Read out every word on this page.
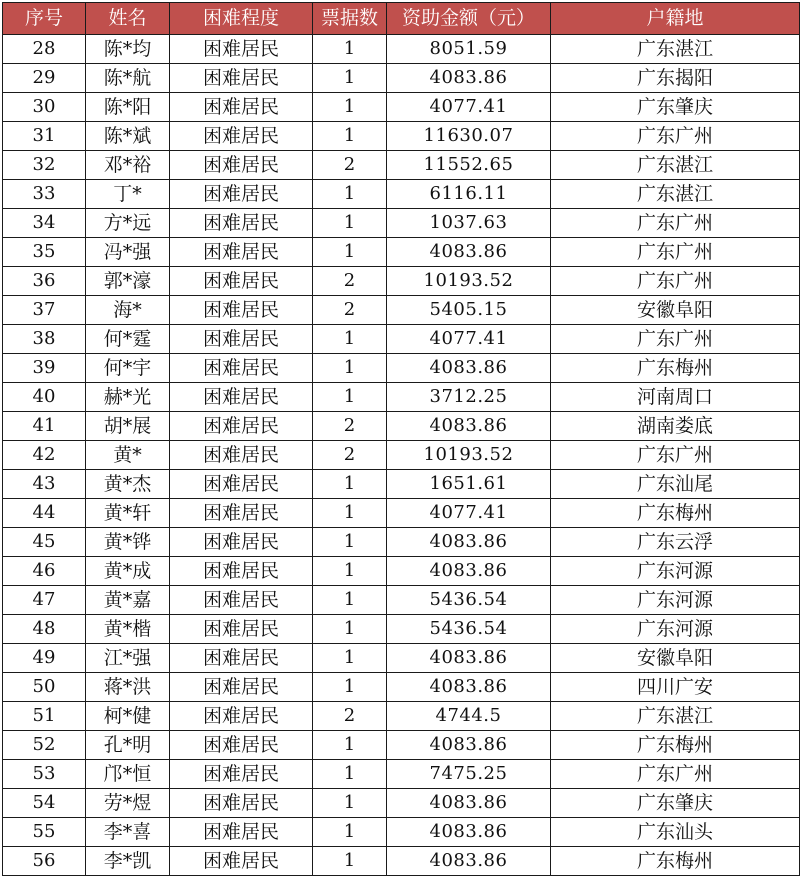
序号	姓名	困难程度	票据数	资助金额（元）	户籍地
28	陈*均	困难居民	1	8051.59	广东湛江
29	陈*航	困难居民	1	4083.86	广东揭阳
30	陈*阳	困难居民	1	4077.41	广东肇庆
31	陈*斌	困难居民	1	11630.07	广东广州
32	邓*裕	困难居民	2	11552.65	广东湛江
33	丁*	困难居民	1	6116.11	广东湛江
34	方*远	困难居民	1	1037.63	广东广州
35	冯*强	困难居民	1	4083.86	广东广州
36	郭*濠	困难居民	2	10193.52	广东广州
37	海*	困难居民	2	5405.15	安徽阜阳
38	何*霆	困难居民	1	4077.41	广东广州
39	何*宇	困难居民	1	4083.86	广东梅州
40	赫*光	困难居民	1	3712.25	河南周口
41	胡*展	困难居民	2	4083.86	湖南娄底
42	黄*	困难居民	2	10193.52	广东广州
43	黄*杰	困难居民	1	1651.61	广东汕尾
44	黄*轩	困难居民	1	4077.41	广东梅州
45	黄*铧	困难居民	1	4083.86	广东云浮
46	黄*成	困难居民	1	4083.86	广东河源
47	黄*嘉	困难居民	1	5436.54	广东河源
48	黄*楷	困难居民	1	5436.54	广东河源
49	江*强	困难居民	1	4083.86	安徽阜阳
50	蒋*洪	困难居民	1	4083.86	四川广安
51	柯*健	困难居民	2	4744.5	广东湛江
52	孔*明	困难居民	1	4083.86	广东梅州
53	邝*恒	困难居民	1	7475.25	广东广州
54	劳*煜	困难居民	1	4083.86	广东肇庆
55	李*喜	困难居民	1	4083.86	广东汕头
56	李*凯	困难居民	1	4083.86	广东梅州
